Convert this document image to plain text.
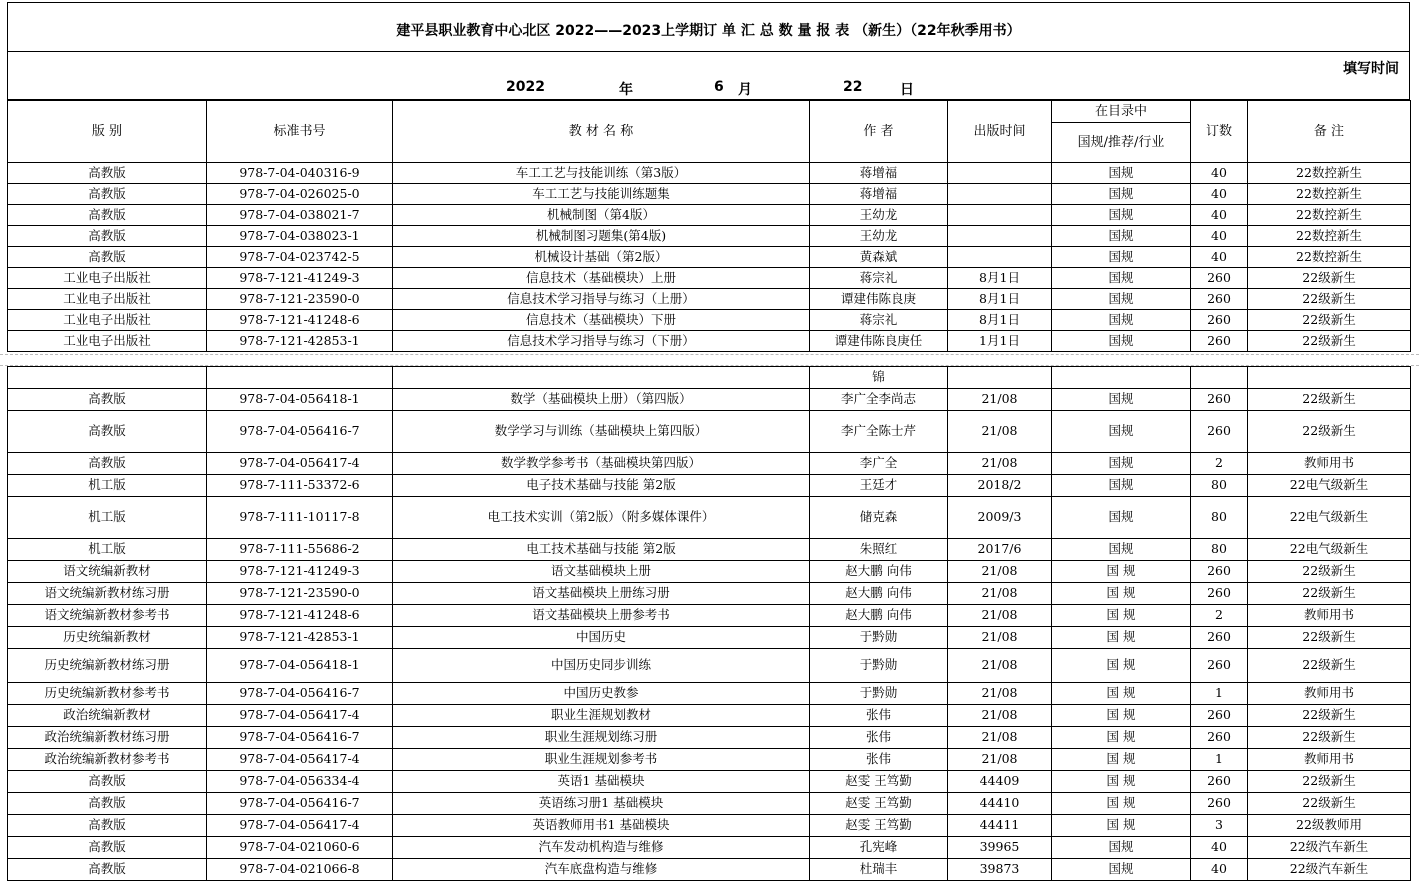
建平县职业教育中心北区 2022——2023上学期订 单 汇 总 数 量 报 表 （新生）（22年秋季用书）
填写时间
2022	年	6 月	22	日
版 别	标准书号	教 材 名 称	作 者	出版时间	在目录中	订数	备 注
					国规/推荐/行业		
高教版	978-7-04-040316-9	车工工艺与技能训练（第3版）	蒋增福		国规	40	22数控新生
高教版	978-7-04-026025-0	车工工艺与技能训练题集	蒋增福		国规	40	22数控新生
高教版	978-7-04-038021-7	机械制图（第4版）	王幼龙		国规	40	22数控新生
高教版	978-7-04-038023-1	机械制图习题集(第4版)	王幼龙		国规	40	22数控新生
高教版	978-7-04-023742-5	机械设计基础（第2版）	黄森斌		国规	40	22数控新生
工业电子出版社	978-7-121-41249-3	信息技术（基础模块）上册	蒋宗礼	8月1日	国规	260	22级新生
工业电子出版社	978-7-121-23590-0	信息技术学习指导与练习（上册）	谭建伟陈良庚	8月1日	国规	260	22级新生
工业电子出版社	978-7-121-41248-6	信息技术（基础模块）下册	蒋宗礼	8月1日	国规	260	22级新生
工业电子出版社	978-7-121-42853-1	信息技术学习指导与练习（下册）	谭建伟陈良庚任	1月1日	国规	260	22级新生
			锦				
高教版	978-7-04-056418-1	数学（基础模块上册）（第四版）	李广全李尚志	21/08	国规	260	22级新生
高教版	978-7-04-056416-7	数学学习与训练（基础模块上第四版）	李广全陈士芹	21/08	国规	260	22级新生
高教版	978-7-04-056417-4	数学教学参考书（基础模块第四版）	李广全	21/08	国规	2	教师用书
机工版	978-7-111-53372-6	电子技术基础与技能 第2版	王廷才	2018/2	国规	80	22电气级新生
机工版	978-7-111-10117-8	电工技术实训（第2版）（附多媒体课件）	储克森	2009/3	国规	80	22电气级新生
机工版	978-7-111-55686-2	电工技术基础与技能 第2版	朱照红	2017/6	国规	80	22电气级新生
语文统编新教材	978-7-121-41249-3	语文基础模块上册	赵大鹏 向伟	21/08	国 规	260	22级新生
语文统编新教材练习册	978-7-121-23590-0	语文基础模块上册练习册	赵大鹏 向伟	21/08	国 规	260	22级新生
语文统编新教材参考书	978-7-121-41248-6	语文基础模块上册参考书	赵大鹏 向伟	21/08	国 规	2	教师用书
历史统编新教材	978-7-121-42853-1	中国历史	于黔勋	21/08	国 规	260	22级新生
历史统编新教材练习册	978-7-04-056418-1	中国历史同步训练	于黔勋	21/08	国 规	260	22级新生
历史统编新教材参考书	978-7-04-056416-7	中国历史教参	于黔勋	21/08	国 规	1	教师用书
政治统编新教材	978-7-04-056417-4	职业生涯规划教材	张伟	21/08	国 规	260	22级新生
政治统编新教材练习册	978-7-04-056416-7	职业生涯规划练习册	张伟	21/08	国 规	260	22级新生
政治统编新教材参考书	978-7-04-056417-4	职业生涯规划参考书	张伟	21/08	国 规	1	教师用书
高教版	978-7-04-056334-4	英语1 基础模块	赵雯 王笃勤	44409	国 规	260	22级新生
高教版	978-7-04-056416-7	英语练习册1 基础模块	赵雯 王笃勤	44410	国 规	260	22级新生
高教版	978-7-04-056417-4	英语教师用书1 基础模块	赵雯 王笃勤	44411	国 规	3	22级教师用
高教版	978-7-04-021060-6	汽车发动机构造与维修	孔宪峰	39965	国规	40	22级汽车新生
高教版	978-7-04-021066-8	汽车底盘构造与维修	杜瑞丰	39873	国规	40	22级汽车新生
